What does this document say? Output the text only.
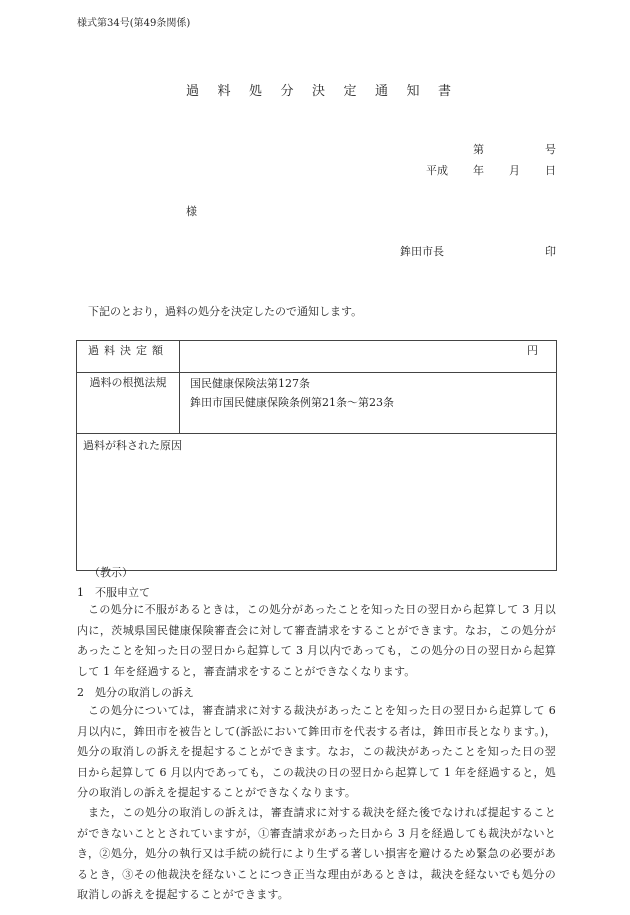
様式第34号(第49条関係)
過料処分決定通知書
第	号
平成 年 月 日
様
鉾田市長	印
下記のとおり，過料の処分を決定したので通知します。
過料決定額	円
過料の根拠法規	国民健康保険法第127条
鉾田市国民健康保険条例第21条～第23条

過料が科された原因	
（教示）
1　不服申立て
この処分に不服があるときは，この処分があったことを知った日の翌日から起算して 3 月以内に，茨城県国民健康保険審査会に対して審査請求をすることができます。なお，この処分があったことを知った日の翌日から起算して 3 月以内であっても，この処分の日の翌日から起算して 1 年を経過すると，審査請求をすることができなくなります。
2　処分の取消しの訴え
この処分については，審査請求に対する裁決があったことを知った日の翌日から起算して 6 月以内に，鉾田市を被告として(訴訟において鉾田市を代表する者は，鉾田市長となります。)，処分の取消しの訴えを提起することができます。なお，この裁決があったことを知った日の翌日から起算して 6 月以内であっても，この裁決の日の翌日から起算して 1 年を経過すると，処分の取消しの訴えを提起することができなくなります。
また，この処分の取消しの訴えは，審査請求に対する裁決を経た後でなければ提起することができないこととされていますが，①審査請求があった日から 3 月を経過しても裁決がないとき，②処分，処分の執行又は手続の続行により生ずる著しい損害を避けるため緊急の必要があるとき，③その他裁決を経ないことにつき正当な理由があるときは，裁決を経ないでも処分の取消しの訴えを提起することができます。
